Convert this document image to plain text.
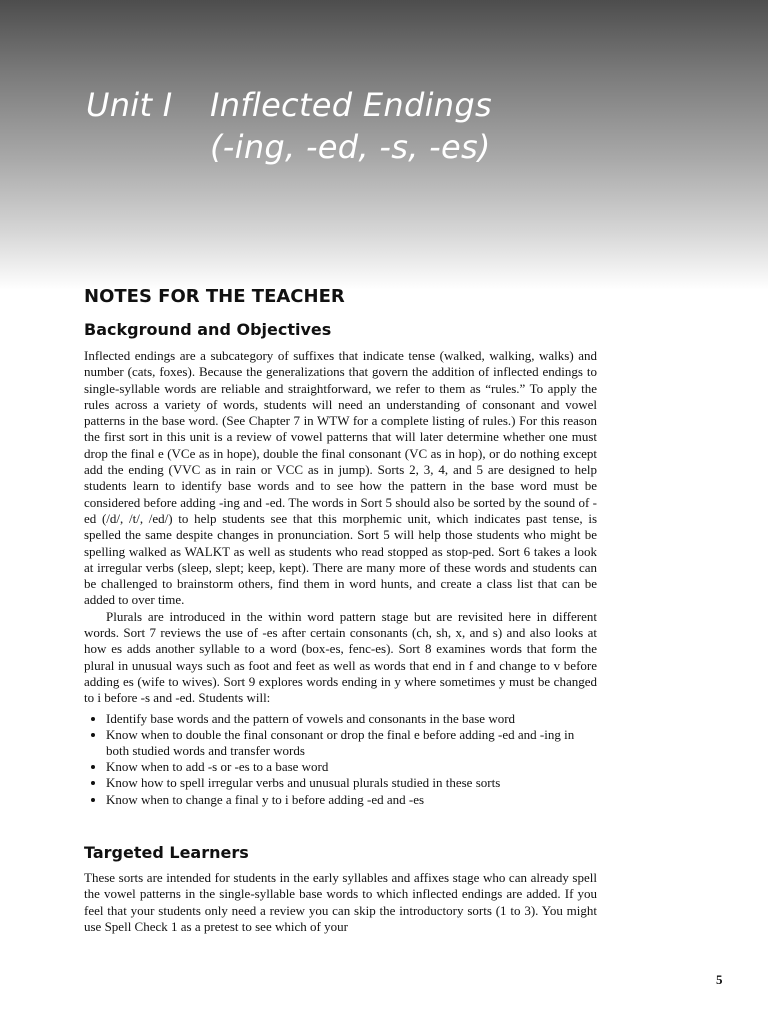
Unit I	Inflected Endings
(-ing, -ed, -s, -es)
NOTES FOR THE TEACHER
Background and Objectives

Inflected endings are a subcategory of suffixes that indicate tense (walked, walking, walks) and number (cats, foxes). Because the generalizations that govern the addition of inflected endings to single-syllable words are reliable and straightforward, we refer to them as “rules.” To apply the rules across a variety of words, students will need an understanding of consonant and vowel patterns in the base word. (See Chapter 7 in WTW for a complete listing of rules.) For this reason the first sort in this unit is a review of vowel patterns that will later determine whether one must drop the final e (VCe as in hope), double the final consonant (VC as in hop), or do nothing except add the ending (VVC as in rain or VCC as in jump). Sorts 2, 3, 4, and 5 are designed to help students learn to identify base words and to see how the pattern in the base word must be considered before adding -ing and -ed. The words in Sort 5 should also be sorted by the sound of -ed (/d/, /t/, /ed/) to help students see that this morphemic unit, which indicates past tense, is spelled the same despite changes in pronunciation. Sort 5 will help those students who might be spelling walked as WALKT as well as students who read stopped as stop-ped. Sort 6 takes a look at irregular verbs (sleep, slept; keep, kept). There are many more of these words and students can be challenged to brainstorm others, find them in word hunts, and create a class list that can be added to over time.

Plurals are introduced in the within word pattern stage but are revisited here in different words. Sort 7 reviews the use of -es after certain consonants (ch, sh, x, and s) and also looks at how es adds another syllable to a word (box-es, fenc-es). Sort 8 examines words that form the plural in unusual ways such as foot and feet as well as words that end in f and change to v before adding es (wife to wives). Sort 9 explores words ending in y where sometimes y must be changed to i before -s and -ed. Students will:

• Identify base words and the pattern of vowels and consonants in the base word
• Know when to double the final consonant or drop the final e before adding -ed and -ing in both studied words and transfer words
• Know when to add -s or -es to a base word
• Know how to spell irregular verbs and unusual plurals studied in these sorts
• Know when to change a final y to i before adding -ed and -es
Targeted Learners

These sorts are intended for students in the early syllables and affixes stage who can already spell the vowel patterns in the single-syllable base words to which inflected endings are added. If you feel that your students only need a review you can skip the introductory sorts (1 to 3). You might use Spell Check 1 as a pretest to see which of your

5
